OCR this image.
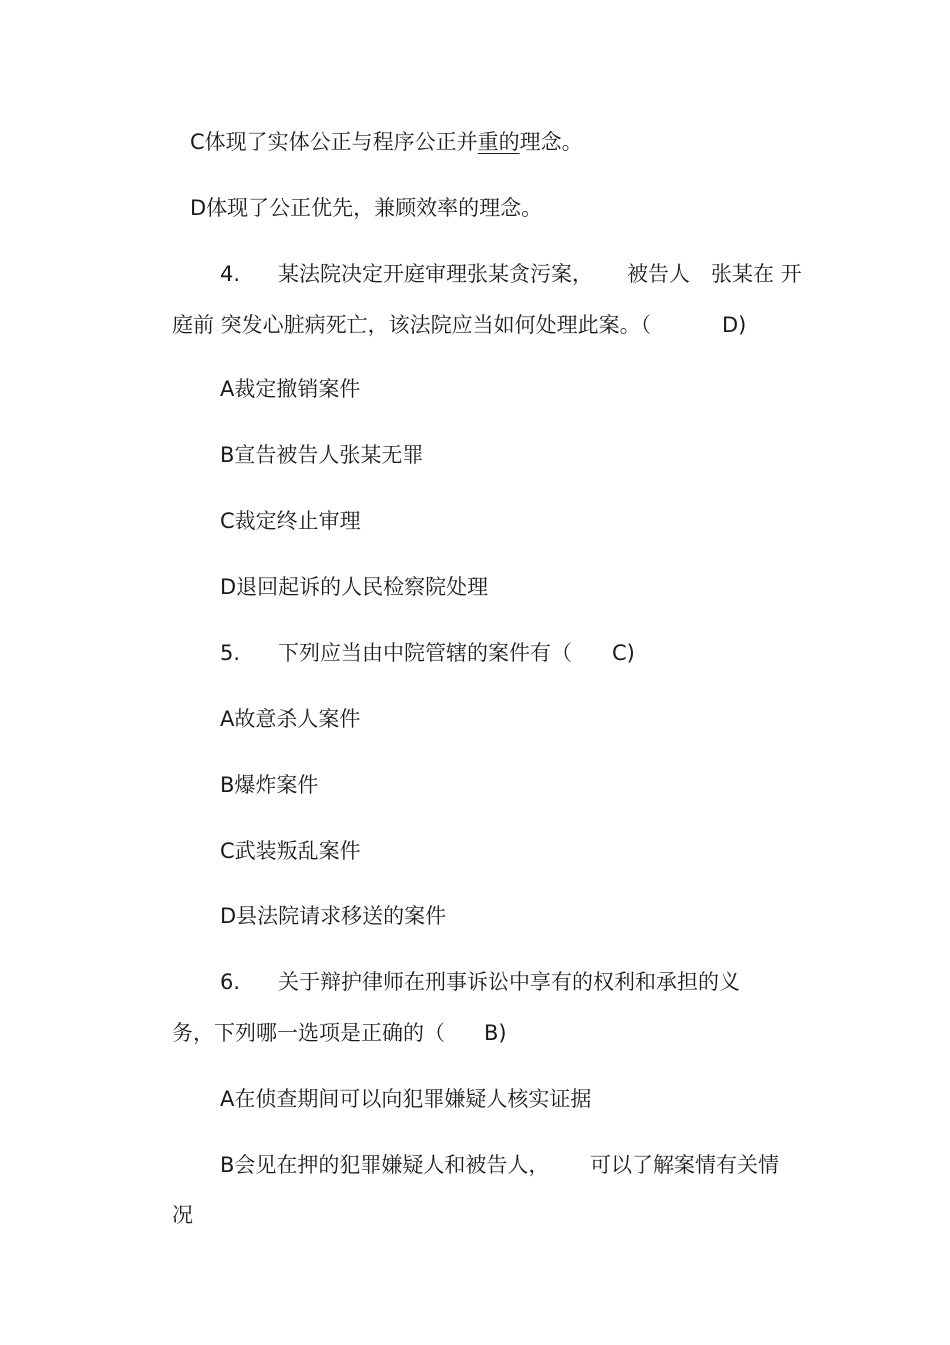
C体现了实体公正与程序公正并重的理念。
D体现了公正优先，兼顾效率的理念。
4. 某法院决定开庭审理张某贪污案， 被告人 张某在 开
庭前 突发心脏病死亡，该法院应当如何处理此案。（	D)
A裁定撤销案件
B宣告被告人张某无罪
C裁定终止审理
D退回起诉的人民检察院处理
5. 下列应当由中院管辖的案件有（ C)
A故意杀人案件
B爆炸案件
C武装叛乱案件
D县法院请求移送的案件
6. 关于辩护律师在刑事诉讼中享有的权利和承担的义
务，下列哪一选项是正确的（ B)
A在侦查期间可以向犯罪嫌疑人核实证据
B会见在押的犯罪嫌疑人和被告人， 可以了解案情有关情
况
